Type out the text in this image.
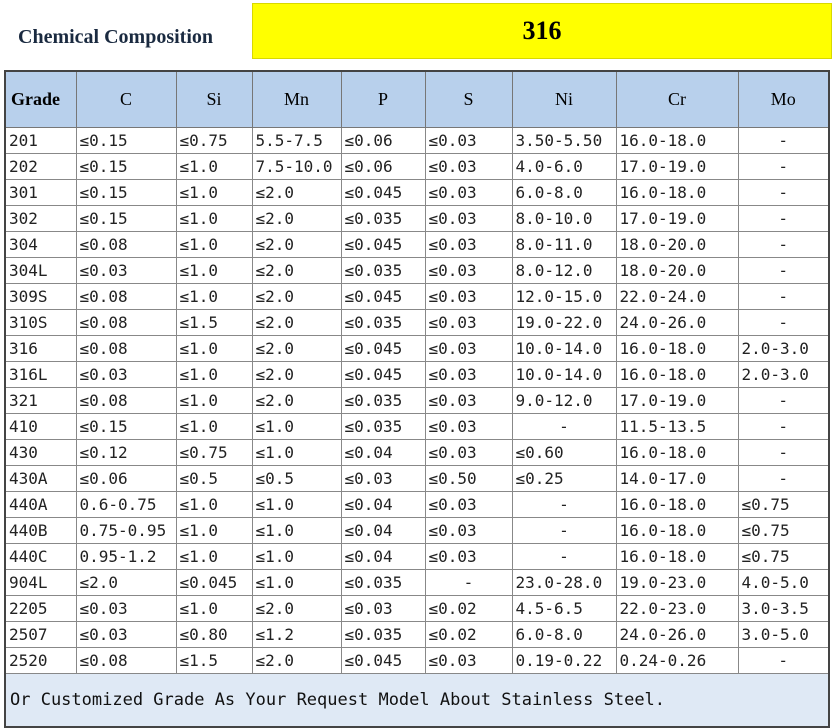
Chemical Composition	316
Grade	C	Si	Mn	P	S	Ni	Cr	Mo
201	≤0.15	≤0.75	5.5-7.5	≤0.06	≤0.03	3.50-5.50	16.0-18.0	-
202	≤0.15	≤1.0	7.5-10.0	≤0.06	≤0.03	4.0-6.0	17.0-19.0	-
301	≤0.15	≤1.0	≤2.0	≤0.045	≤0.03	6.0-8.0	16.0-18.0	-
302	≤0.15	≤1.0	≤2.0	≤0.035	≤0.03	8.0-10.0	17.0-19.0	-
304	≤0.08	≤1.0	≤2.0	≤0.045	≤0.03	8.0-11.0	18.0-20.0	-
304L	≤0.03	≤1.0	≤2.0	≤0.035	≤0.03	8.0-12.0	18.0-20.0	-
309S	≤0.08	≤1.0	≤2.0	≤0.045	≤0.03	12.0-15.0	22.0-24.0	-
310S	≤0.08	≤1.5	≤2.0	≤0.035	≤0.03	19.0-22.0	24.0-26.0	-
316	≤0.08	≤1.0	≤2.0	≤0.045	≤0.03	10.0-14.0	16.0-18.0	2.0-3.0
316L	≤0.03	≤1.0	≤2.0	≤0.045	≤0.03	10.0-14.0	16.0-18.0	2.0-3.0
321	≤0.08	≤1.0	≤2.0	≤0.035	≤0.03	9.0-12.0	17.0-19.0	-
410	≤0.15	≤1.0	≤1.0	≤0.035	≤0.03	-	11.5-13.5	-
430	≤0.12	≤0.75	≤1.0	≤0.04	≤0.03	≤0.60	16.0-18.0	-
430A	≤0.06	≤0.5	≤0.5	≤0.03	≤0.50	≤0.25	14.0-17.0	-
440A	0.6-0.75	≤1.0	≤1.0	≤0.04	≤0.03	-	16.0-18.0	≤0.75
440B	0.75-0.95	≤1.0	≤1.0	≤0.04	≤0.03	-	16.0-18.0	≤0.75
440C	0.95-1.2	≤1.0	≤1.0	≤0.04	≤0.03	-	16.0-18.0	≤0.75
904L	≤2.0	≤0.045	≤1.0	≤0.035	-	23.0-28.0	19.0-23.0	4.0-5.0
2205	≤0.03	≤1.0	≤2.0	≤0.03	≤0.02	4.5-6.5	22.0-23.0	3.0-3.5
2507	≤0.03	≤0.80	≤1.2	≤0.035	≤0.02	6.0-8.0	24.0-26.0	3.0-5.0
2520	≤0.08	≤1.5	≤2.0	≤0.045	≤0.03	0.19-0.22	0.24-0.26	-
Or Customized Grade As Your Request Model About Stainless Steel.								
